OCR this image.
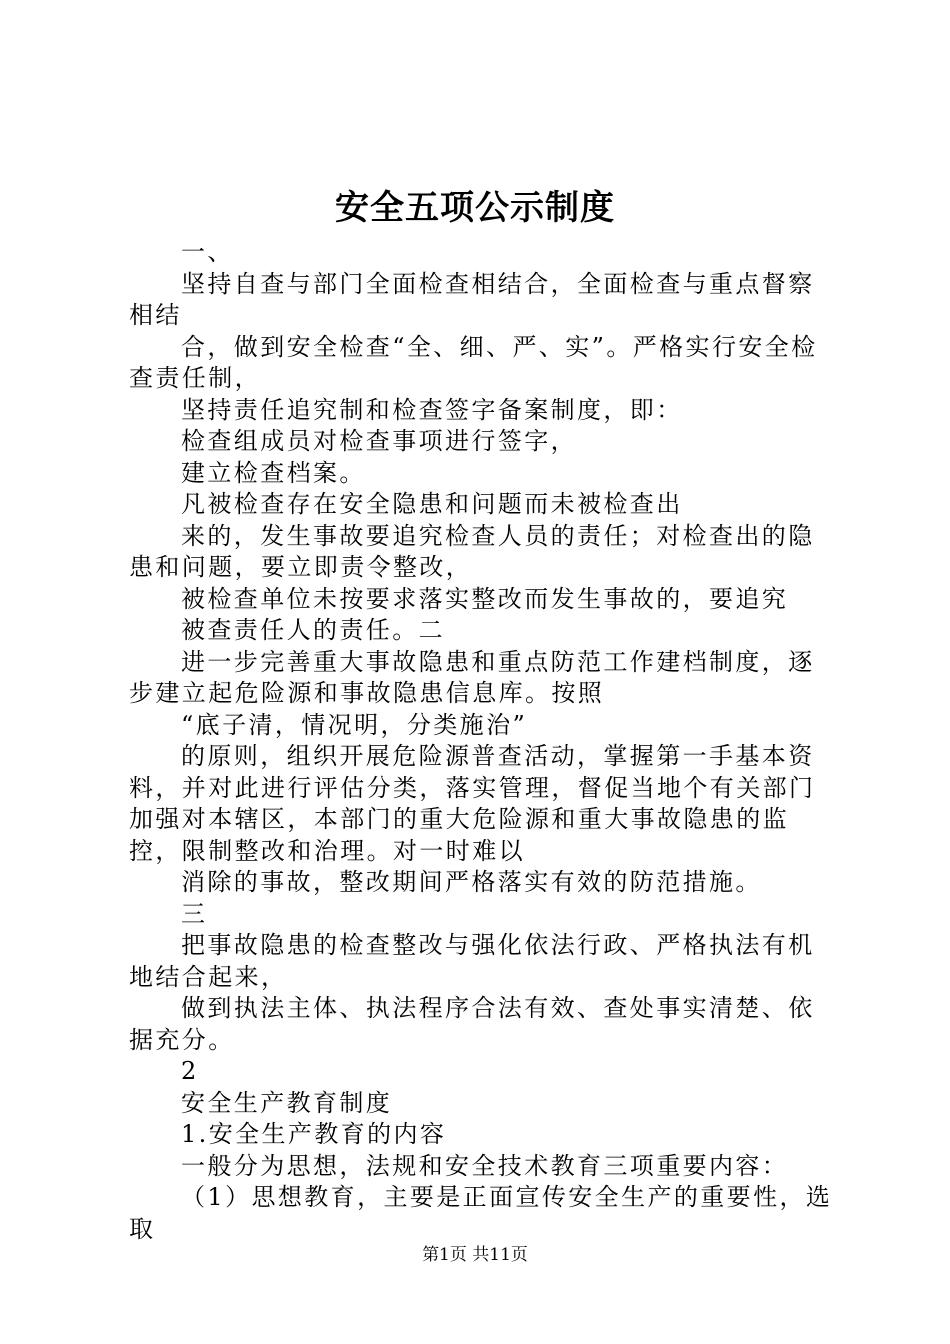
安全五项公示制度

一、

坚持自查与部门全面检查相结合，全面检查与重点督察相结

合，做到安全检查“全、细、严、实”。严格实行安全检查责任制，

坚持责任追究制和检查签字备案制度，即：

检查组成员对检查事项进行签字，

建立检查档案。

凡被检查存在安全隐患和问题而未被检查出

来的，发生事故要追究检查人员的责任；对检查出的隐患和问题，要立即责令整改，

被检查单位未按要求落实整改而发生事故的，要追究

被查责任人的责任。二

进一步完善重大事故隐患和重点防范工作建档制度，逐步建立起危险源和事故隐患信息库。按照

“底子清，情况明，分类施治”

的原则，组织开展危险源普查活动，掌握第一手基本资料，并对此进行评估分类，落实管理，督促当地个有关部门加强对本辖区，本部门的重大危险源和重大事故隐患的监控，限制整改和治理。对一时难以

消除的事故，整改期间严格落实有效的防范措施。

三

把事故隐患的检查整改与强化依法行政、严格执法有机地结合起来，

做到执法主体、执法程序合法有效、查处事实清楚、依据充分。

2

安全生产教育制度

1.安全生产教育的内容

一般分为思想，法规和安全技术教育三项重要内容：

（1）思想教育，主要是正面宣传安全生产的重要性，选取

第1页 共11页
